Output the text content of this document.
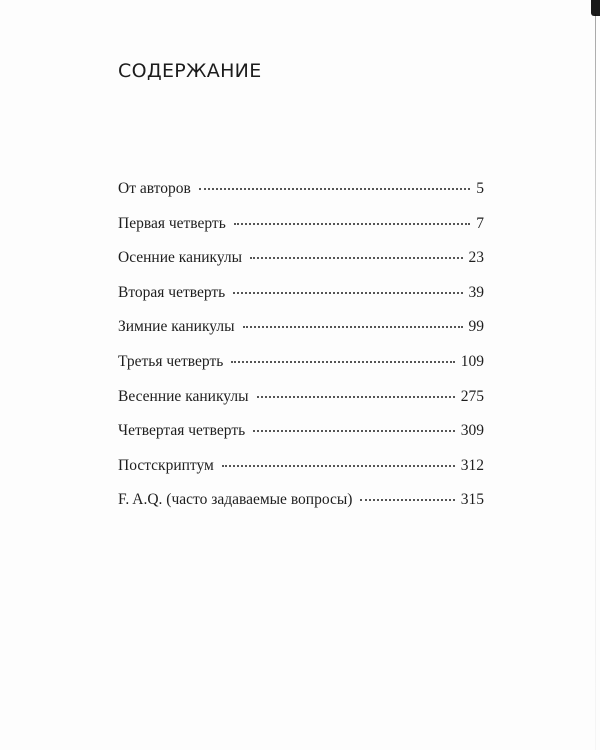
СОДЕРЖАНИЕ
От авторов	5
Первая четверть	7
Осенние каникулы	23
Вторая четверть	39
Зимние каникулы	99
Третья четверть	109
Весенние каникулы	275
Четвертая четверть	309
Постскриптум	312
F. A.Q. (часто задаваемые вопросы)	315
